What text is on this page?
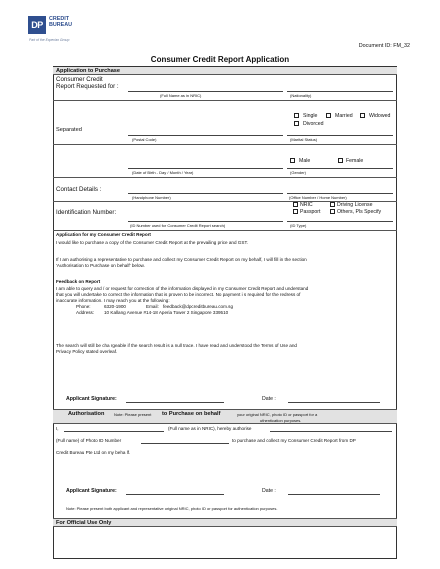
DP
CREDIT
BUREAU
Part of the Experian Group
Document ID: FM_32
Consumer Credit Report Application
Application to Purchase
Consumer Credit
Report Requested for :
(Full Name as in NRIC)	(Nationality)
Separated
Single	Married	Widowed
Divorced
(Postal Code)	(Marital Status)
Male	Female
(Date of Birth - Day / Month / Year)	(Gender)
Contact Details :
(Handphone Number)	(Office Number / Home Number)
Identification Number:
NRIC	Driving License
Passport	Others, Pls Specify
(ID Number used for Consumer Credit Report search)	(ID Type)
Application for my Consumer Credit Report
I would like to purchase a copy of the Consumer Credit Report at the prevailing price and GST.
If I am authorising a representative to purchase and collect my Consumer Credit Report on my behalf, I will fill in the section
'Authorisation to Purchase on behalf' below.
Feedback on Report
I am able to query and / or request for correction of the information displayed in my Consumer Credit Report and understand
that you will undertake to correct the information that is proven to be incorrect. No payment i s required for the redress of
inaccurate information. I may reach you at the following:
Phone:	6320-1900	Email: feedback@dpcreditbureau.com.sg
Address: 10 Kallang Avenue #14-18 Aperia Tower 2 Singapore 339510
The search will still be cha rgeable if the search result is a null trace. I have read and understood the Terms of Use and
Privacy Policy stated overleaf.
Applicant Signature:	Date :
Authorisation Note: Please present to Purchase on behalf	your original NRIC, photo ID or passport for a
uthentication purposes.
I,	(Full name as in NRIC), hereby authorise
(Full name) of Photo ID Number	to purchase and collect my Consumer Credit Report from DP
Credit Bureau Pte Ltd on my beha lf.
Applicant Signature:	Date :
Note: Please present both applicant and representative original NRIC, photo ID or passport for authentication purposes.
For Official Use Only
